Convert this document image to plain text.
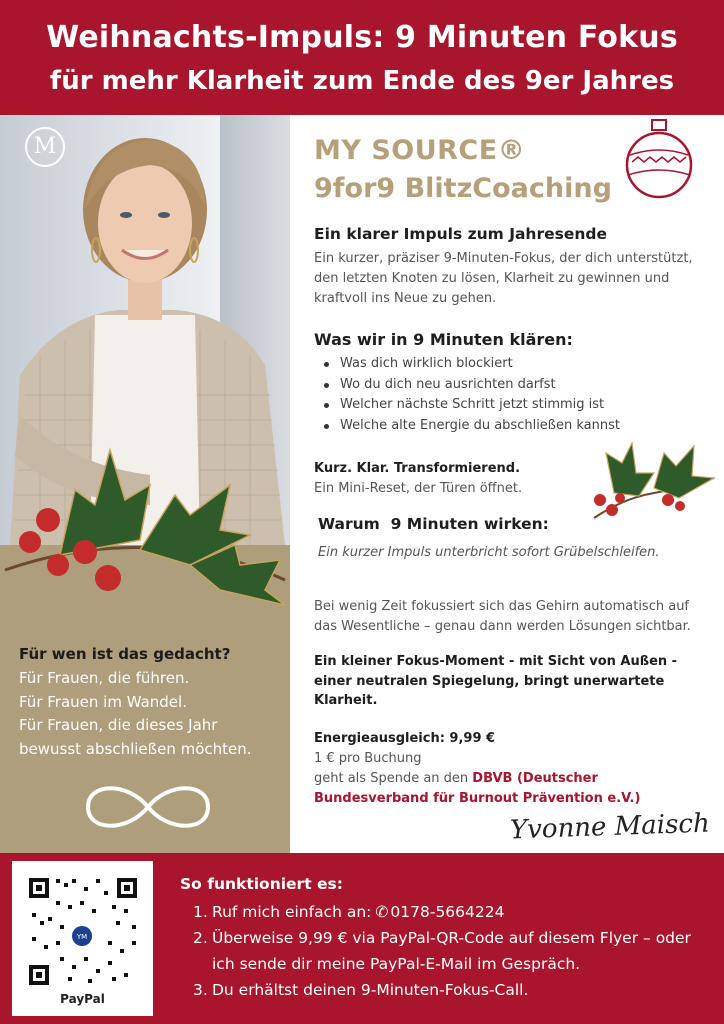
Weihnachts-Impuls: 9 Minuten Fokus
für mehr Klarheit zum Ende des 9er Jahres
M
Für wen ist das gedacht?
Für Frauen, die führen.
Für Frauen im Wandel.
Für Frauen, die dieses Jahr bewusst abschließen möchten.
MY SOURCE®
9for9 BlitzCoaching
Ein klarer Impuls zum Jahresende
Ein kurzer, präziser 9-Minuten-Fokus, der dich unterstützt, den letzten Knoten zu lösen, Klarheit zu gewinnen und kraftvoll ins Neue zu gehen.
Was wir in 9 Minuten klären:
Was dich wirklich blockiert
Wo du dich neu ausrichten darfst
Welcher nächste Schritt jetzt stimmig ist
Welche alte Energie du abschließen kannst
Kurz. Klar. Transformierend.
Ein Mini-Reset, der Türen öffnet.
Warum  9 Minuten wirken:
Ein kurzer Impuls unterbricht sofort Grübelschleifen.
Bei wenig Zeit fokussiert sich das Gehirn automatisch auf das Wesentliche – genau dann werden Lösungen sichtbar.
Ein kleiner Fokus-Moment - mit Sicht von Außen - einer neutralen Spiegelung, bringt unerwartete Klarheit.
Energieausgleich: 9,99 €
1 € pro Buchung
geht als Spende an den DBVB (Deutscher Bundesverband für Burnout Prävention e.V.)
Yvonne Maisch
YM
PayPal
So funktioniert es:
1. Ruf mich einfach an: ✆ 0178-5664224
2. Überweise 9,99 € via PayPal-QR-Code auf diesem Flyer – oder ich sende dir meine PayPal-E-Mail im Gespräch.
3. Du erhältst deinen 9-Minuten-Fokus-Call.
